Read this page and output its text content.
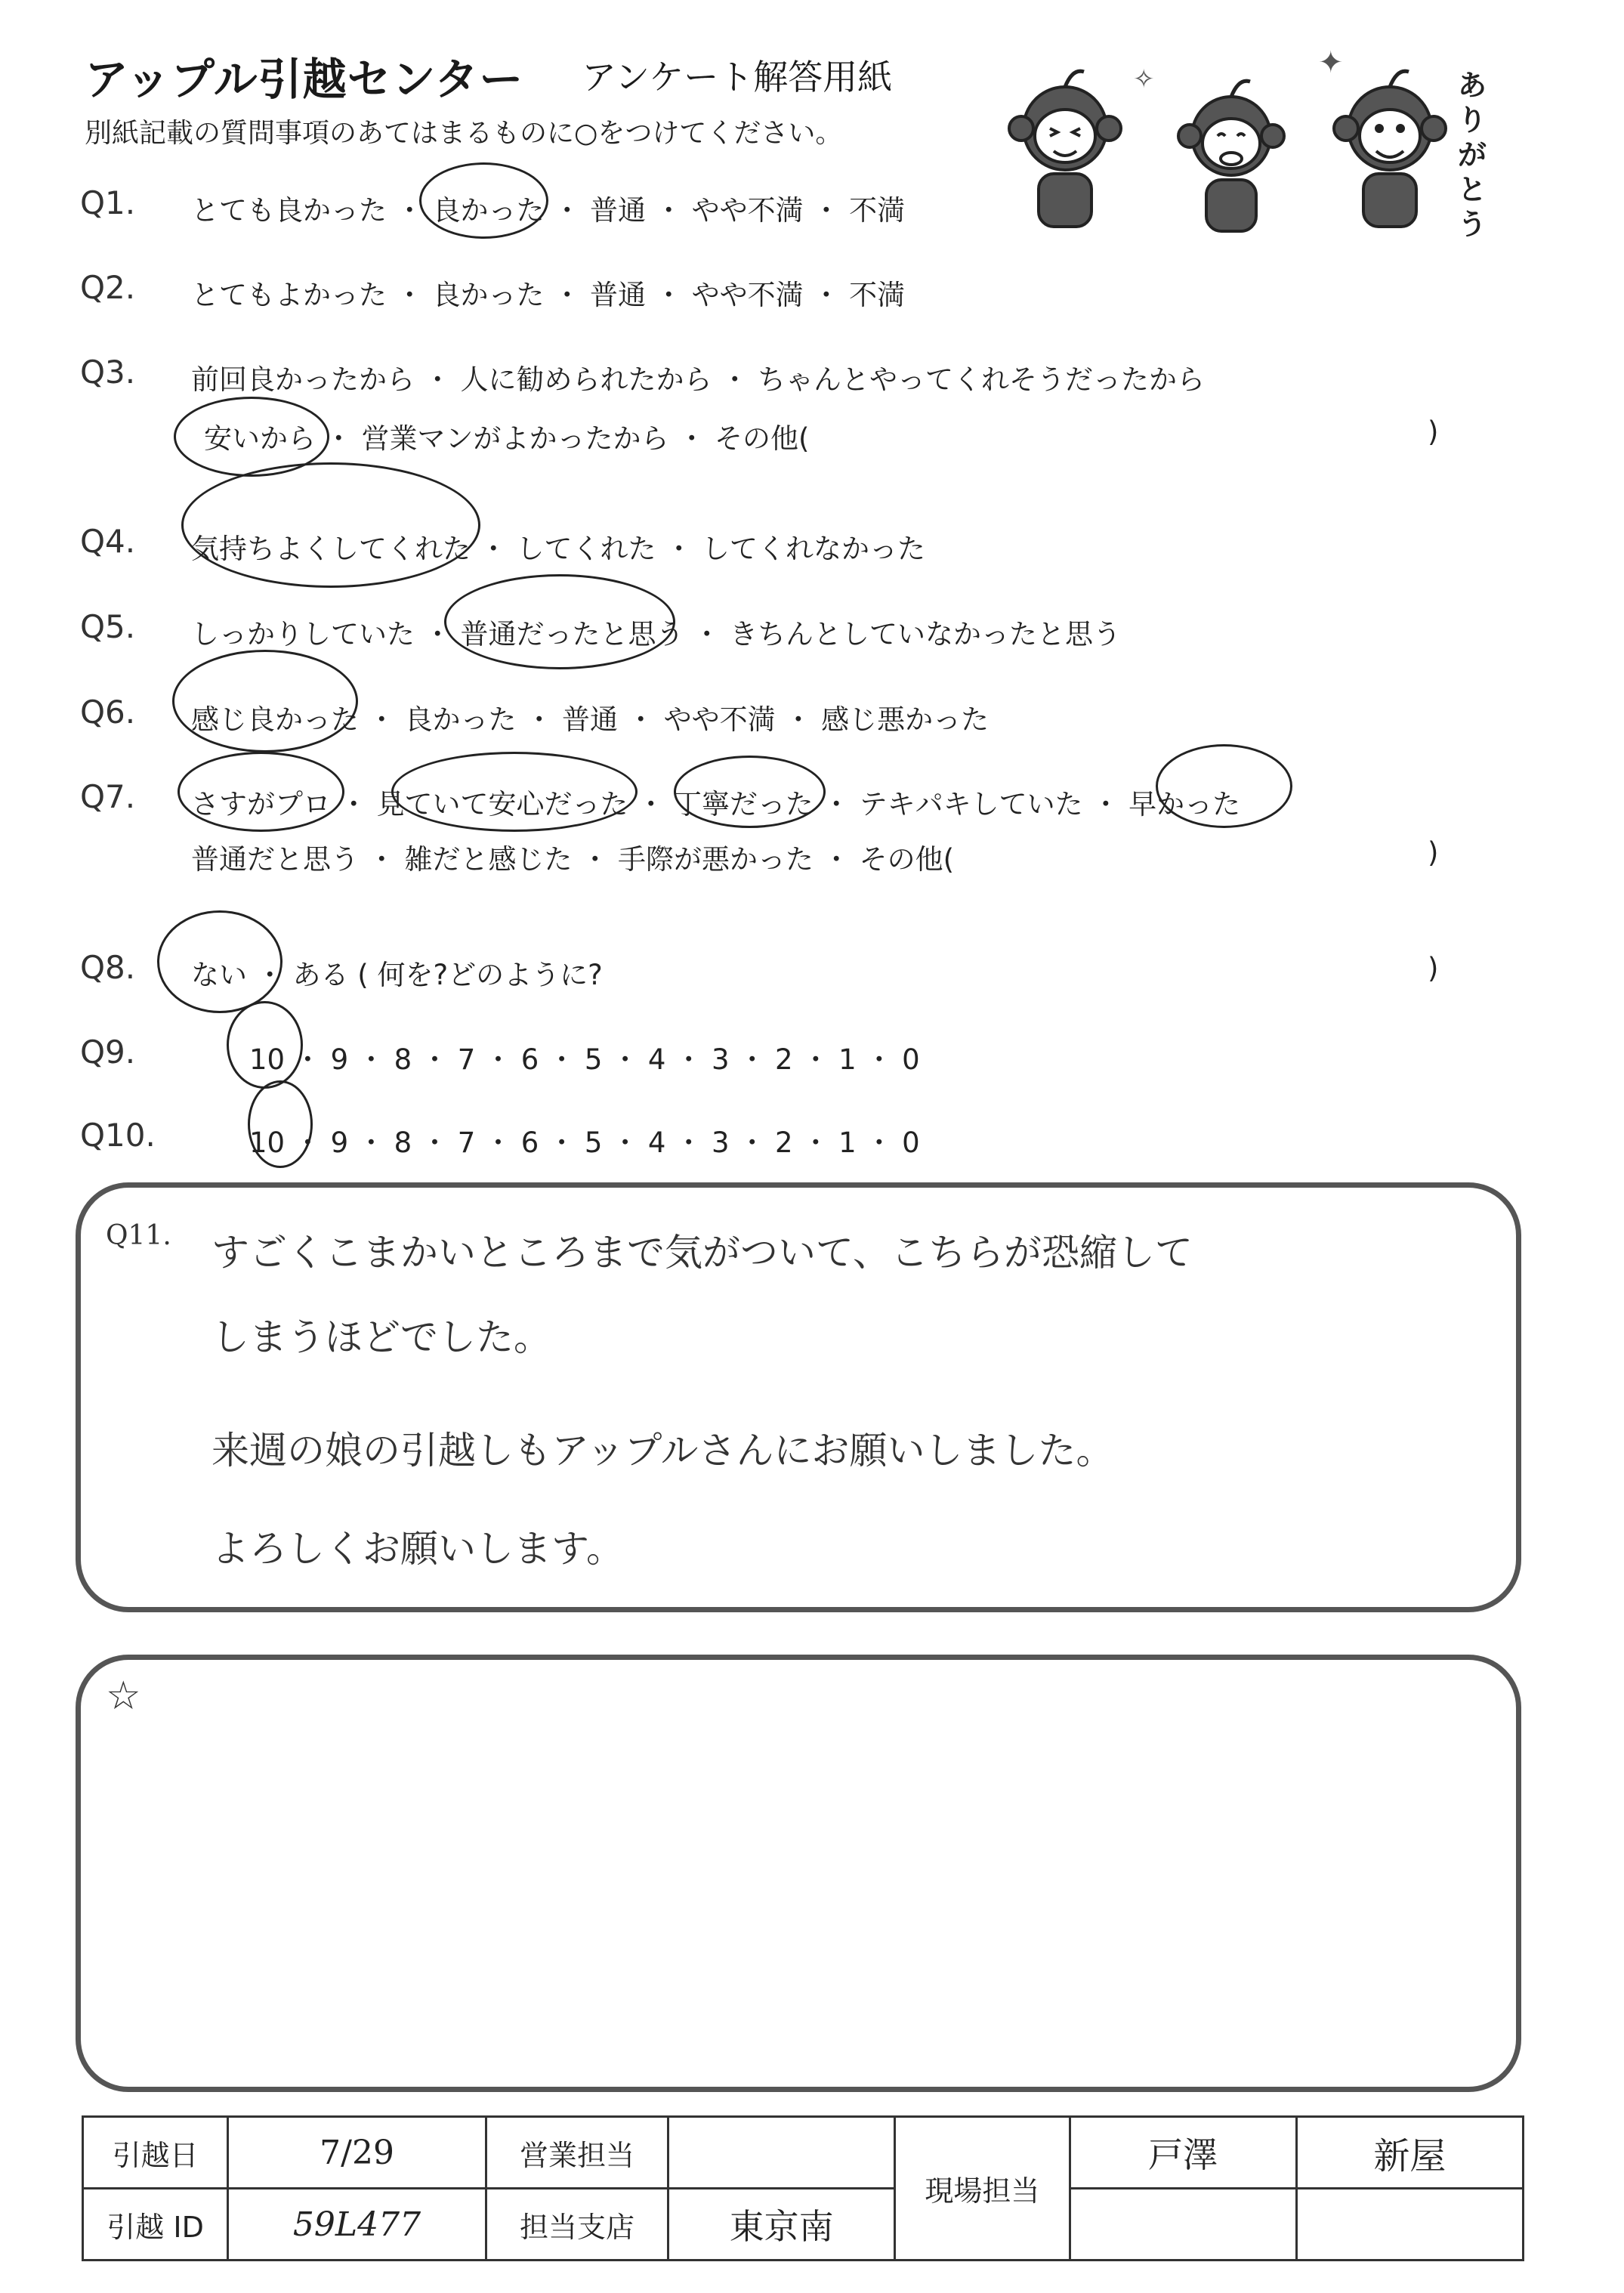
アップル引越センター アンケート解答用紙
別紙記載の質問事項のあてはまるものに○をつけてください。
✦
✧	ありがとう
Q1. とても良かった ・ 良かった ・ 普通 ・ やや不満 ・ 不満
Q2. とてもよかった ・ 良かった ・ 普通 ・ やや不満 ・ 不満
Q3. 前回良かったから ・ 人に勧められたから ・ ちゃんとやってくれそうだったから
安いから ・ 営業マンがよかったから ・ その他(	)
Q4. 気持ちよくしてくれた ・ してくれた ・ してくれなかった
Q5. しっかりしていた ・ 普通だったと思う ・ きちんとしていなかったと思う
Q6. 感じ良かった ・ 良かった ・ 普通 ・ やや不満 ・ 感じ悪かった
Q7. さすがプロ ・ 見ていて安心だった ・ 丁寧だった ・ テキパキしていた ・ 早かった
普通だと思う ・ 雑だと感じた ・ 手際が悪かった ・ その他(	)
Q8. ない ・ ある ( 何を?どのように?	)
Q9.	10 ・ 9 ・ 8 ・ 7 ・ 6 ・ 5 ・ 4 ・ 3 ・ 2 ・ 1 ・ 0
Q10.	10 ・ 9 ・ 8 ・ 7 ・ 6 ・ 5 ・ 4 ・ 3 ・ 2 ・ 1 ・ 0
Q11. すごくこまかいところまで気がついて、こちらが恐縮して
しまうほどでした。
来週の娘の引越しもアップルさんにお願いしました。
よろしくお願いします。
☆
引越日	7/29	営業担当		現場担当	戸澤	新屋
引越 ID	59L477	担当支店	東京南			
